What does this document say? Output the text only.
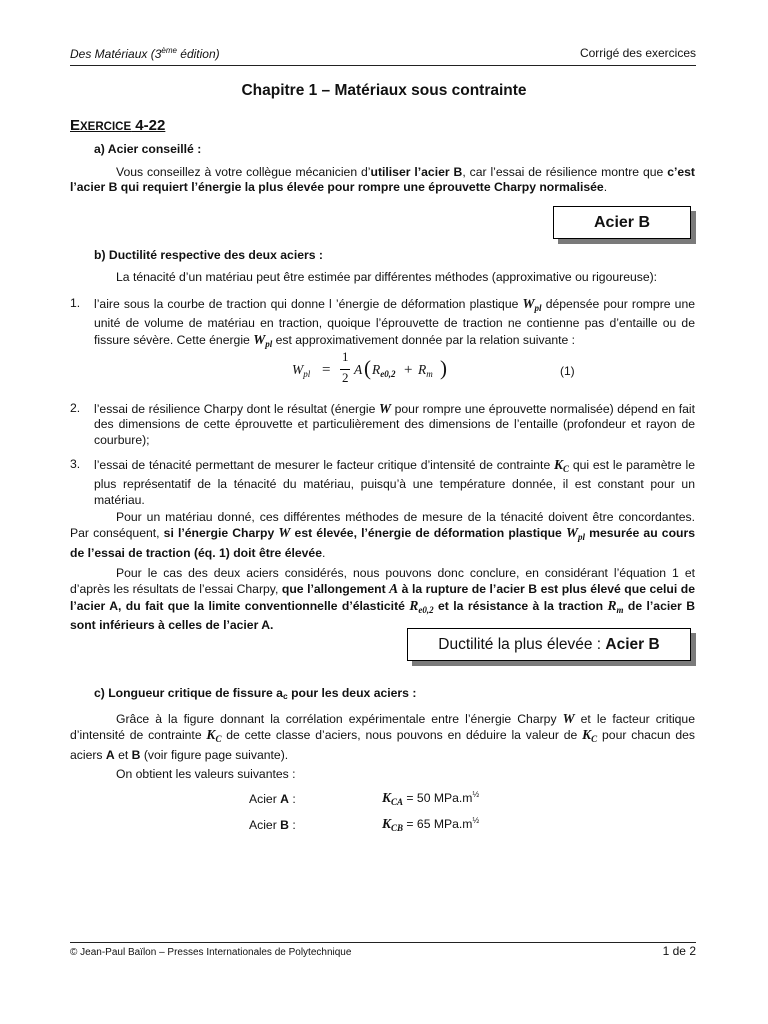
Des Matériaux (3ème édition)	Corrigé des exercices
Chapitre 1 – Matériaux sous contrainte
EXERCICE 4-22
a) Acier conseillé :
Vous conseillez à votre collègue mécanicien d’utiliser l’acier B, car l’essai de résilience montre que c’est l’acier B qui requiert l’énergie la plus élevée pour rompre une éprouvette Charpy normalisée.
Acier B
b) Ductilité respective des deux aciers :
La ténacité d’un matériau peut être estimée par différentes méthodes (approximative ou rigoureuse):
1. l’aire sous la courbe de traction qui donne l ’énergie de déformation plastique $W_{pl}$ dépensée pour rompre une unité de volume de matériau en traction, quoique l’éprouvette de traction ne contienne pas d’entaille ou de fissure sévère. Cette énergie $W_{pl}$ est approximativement donnée par la relation suivante :
$W_{pl}$ =
1
2
A ( $R_{e0,2} + R_m$ )	(1)
2. l’essai de résilience Charpy dont le résultat (énergie W pour rompre une éprouvette normalisée) dépend en fait des dimensions de cette éprouvette et particulièrement des dimensions de l’entaille (profondeur et rayon de courbure);
3. l’essai de ténacité permettant de mesurer le facteur critique d’intensité de contrainte $K_C$ qui est le paramètre le plus représentatif de la ténacité du matériau, puisqu’à une température donnée, il est constant pour un matériau.
Pour un matériau donné, ces différentes méthodes de mesure de la ténacité doivent être concordantes. Par conséquent, si l’énergie Charpy W est élevée, l’énergie de déformation plastique $W_{pl}$ mesurée au cours de l’essai de traction (éq. 1) doit être élevée.
Pour le cas des deux aciers considérés, nous pouvons donc conclure, en considérant l’équation 1 et d’après les résultats de l’essai Charpy, que l’allongement A à la rupture de l’acier B est plus élevé que celui de l’acier A, du fait que la limite conventionnelle d’élasticité $R_{e0,2}$ et la résistance à la traction $R_m$ de l’acier B sont inférieurs à celles de l’acier A.
Ductilité la plus élevée : Acier B
c) Longueur critique de fissure ac pour les deux aciers :
Grâce à la figure donnant la corrélation expérimentale entre l’énergie Charpy W et le facteur critique d’intensité de contrainte $K_C$ de cette classe d’aciers, nous pouvons en déduire la valeur de $K_C$ pour chacun des aciers A et B (voir figure page suivante).
On obtient les valeurs suivantes :
Acier A :	$K_{CA} = 50$ $MPa.m^{\frac{1}{2}}$
Acier B :	$K_{CB} = 65$ $MPa.m^{\frac{1}{2}}$
© Jean-Paul Baïlon – Presses Internationales de Polytechnique	1 de 2
